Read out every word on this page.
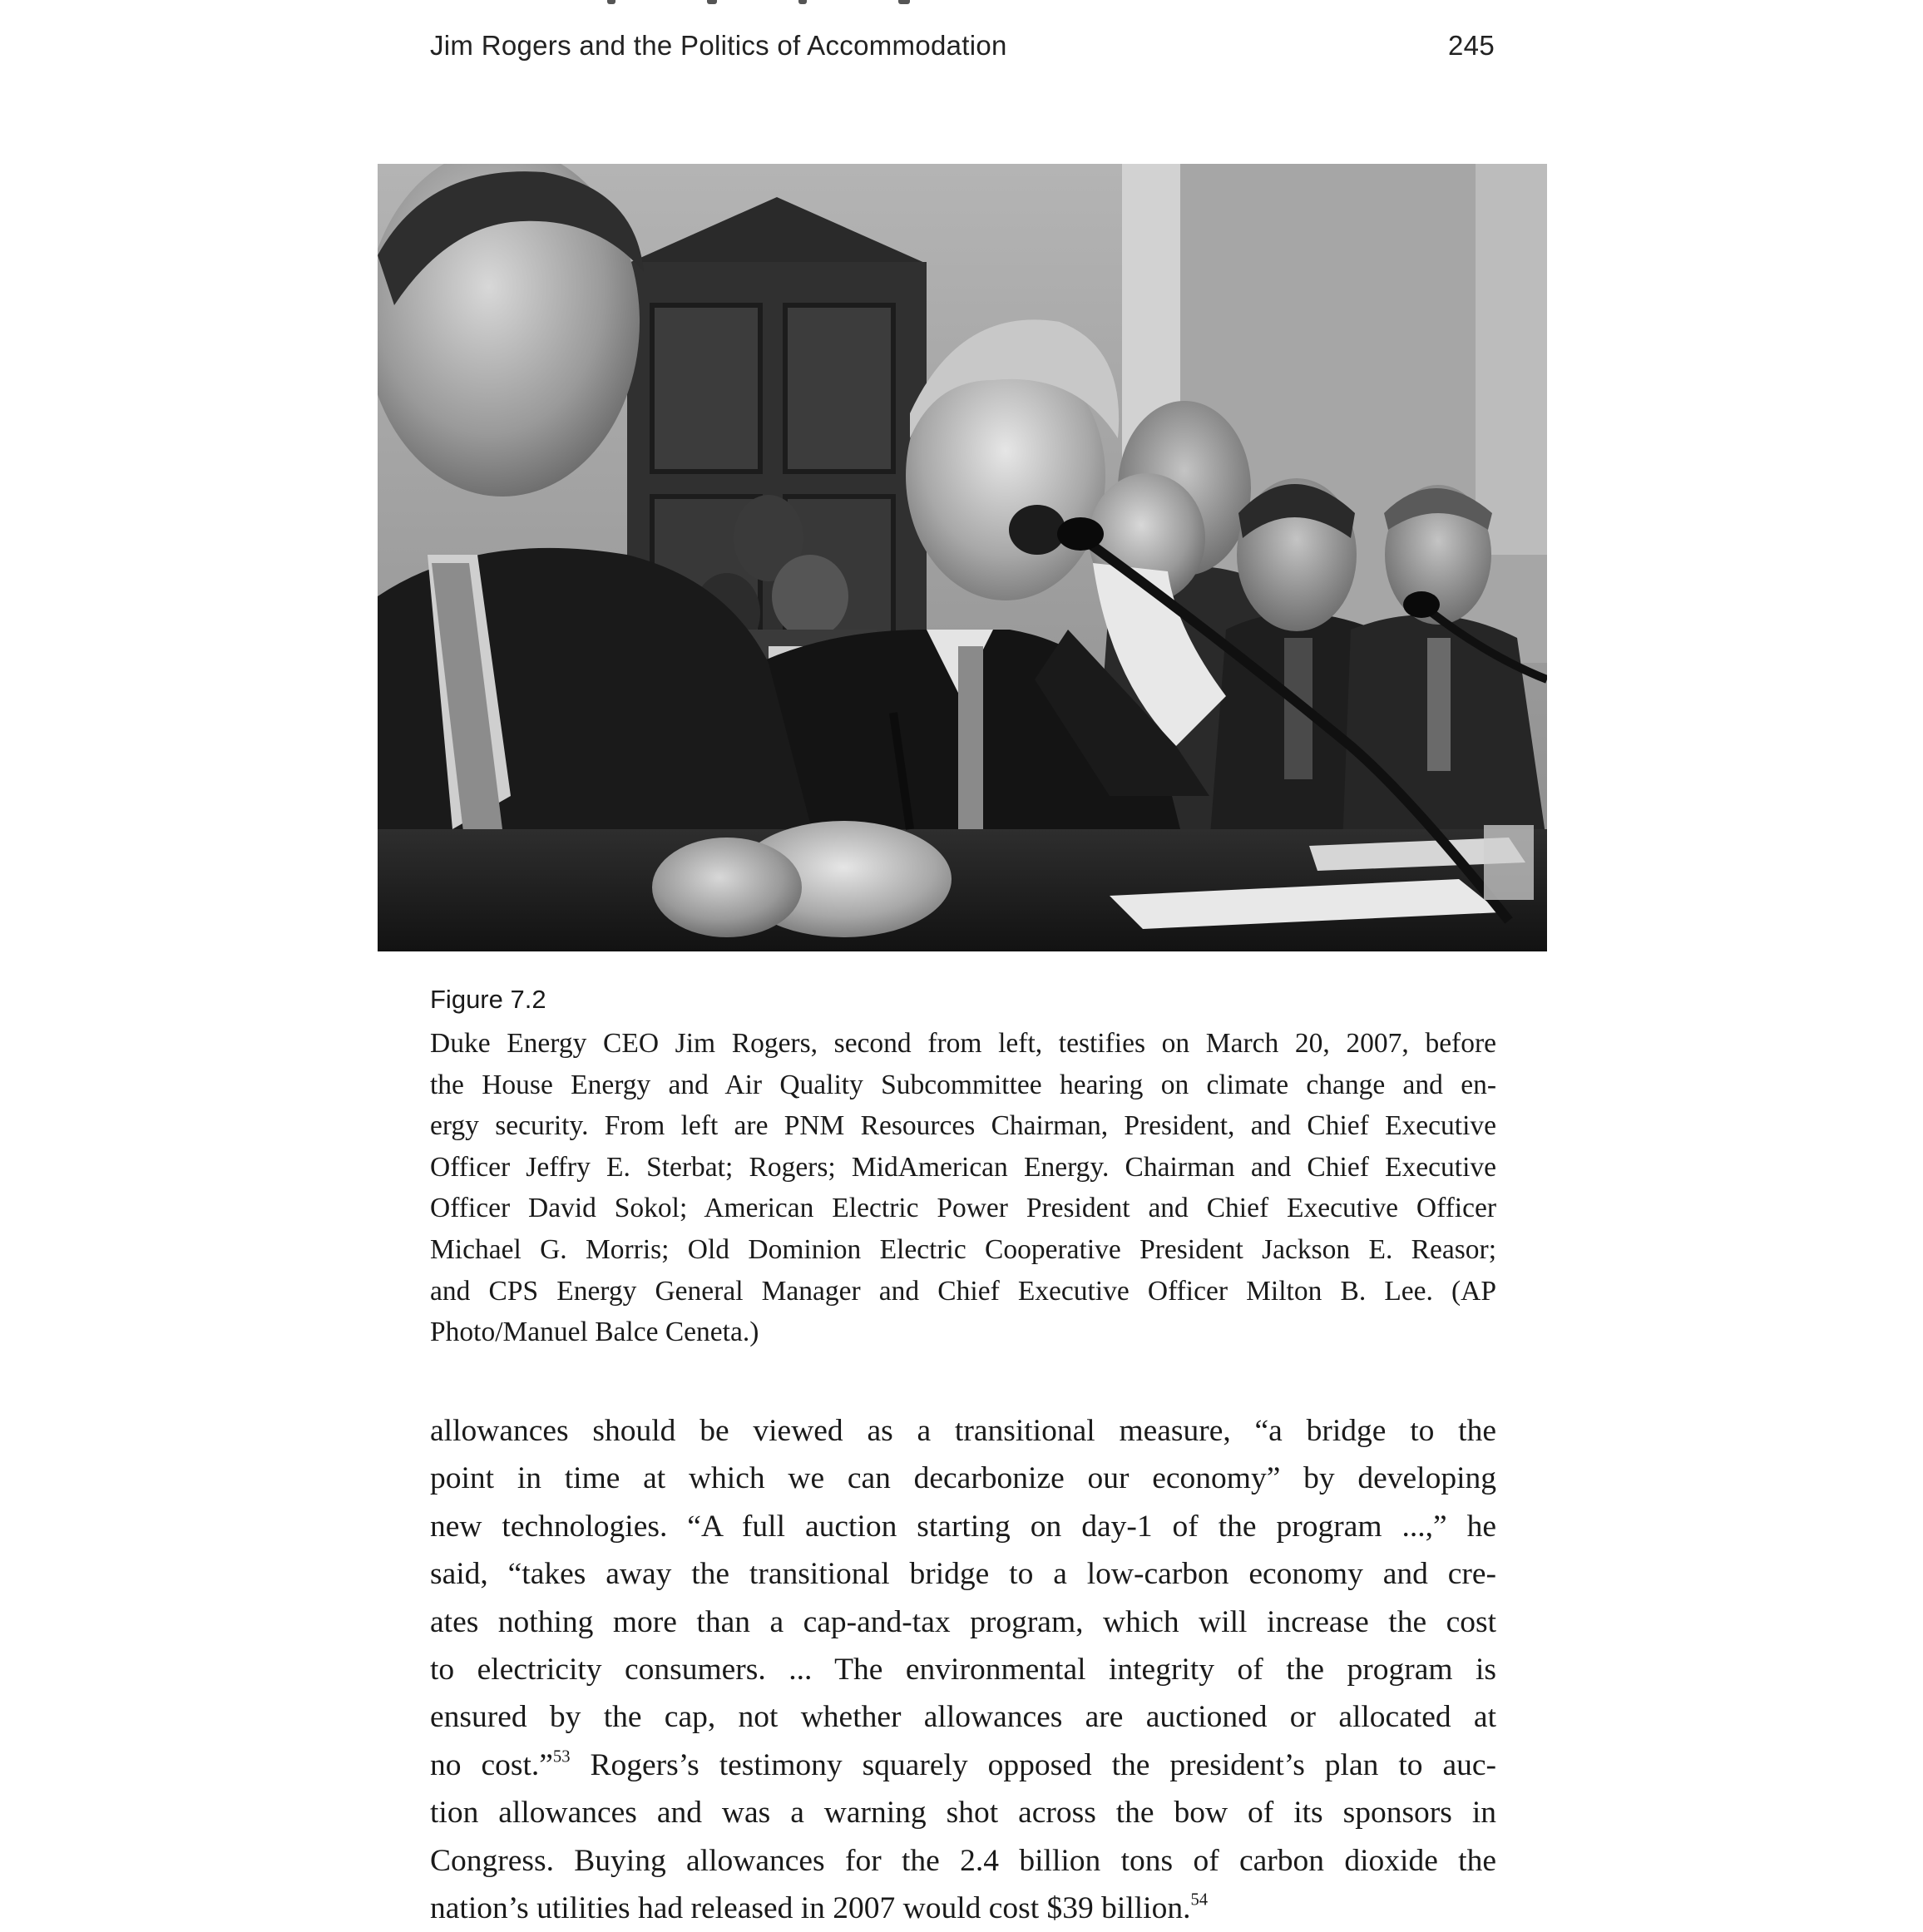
Jim Rogers and the Politics of Accommodation	245
Figure 7.2
Duke Energy CEO Jim Rogers, second from left, testifies on March 20, 2007, before
the House Energy and Air Quality Subcommittee hearing on climate change and en-
ergy security. From left are PNM Resources Chairman, President, and Chief Executive
Officer Jeffry E. Sterbat; Rogers; MidAmerican Energy. Chairman and Chief Executive
Officer David Sokol; American Electric Power President and Chief Executive Officer
Michael G. Morris; Old Dominion Electric Cooperative President Jackson E. Reasor;
and CPS Energy General Manager and Chief Executive Officer Milton B. Lee. (AP
Photo/Manuel Balce Ceneta.)
allowances should be viewed as a transitional measure, “a bridge to the
point in time at which we can decarbonize our economy” by developing
new technologies. “A full auction starting on day-1 of the program ...,” he
said, “takes away the transitional bridge to a low-carbon economy and cre-
ates nothing more than a cap-and-tax program, which will increase the cost
to electricity consumers. ... The environmental integrity of the program is
ensured by the cap, not whether allowances are auctioned or allocated at
no cost.”$^{53}$ Rogers’s testimony squarely opposed the president’s plan to auc-
tion allowances and was a warning shot across the bow of its sponsors in
Congress. Buying allowances for the 2.4 billion tons of carbon dioxide the
nation’s utilities had released in 2007 would cost $39 billion.$^{54}$
